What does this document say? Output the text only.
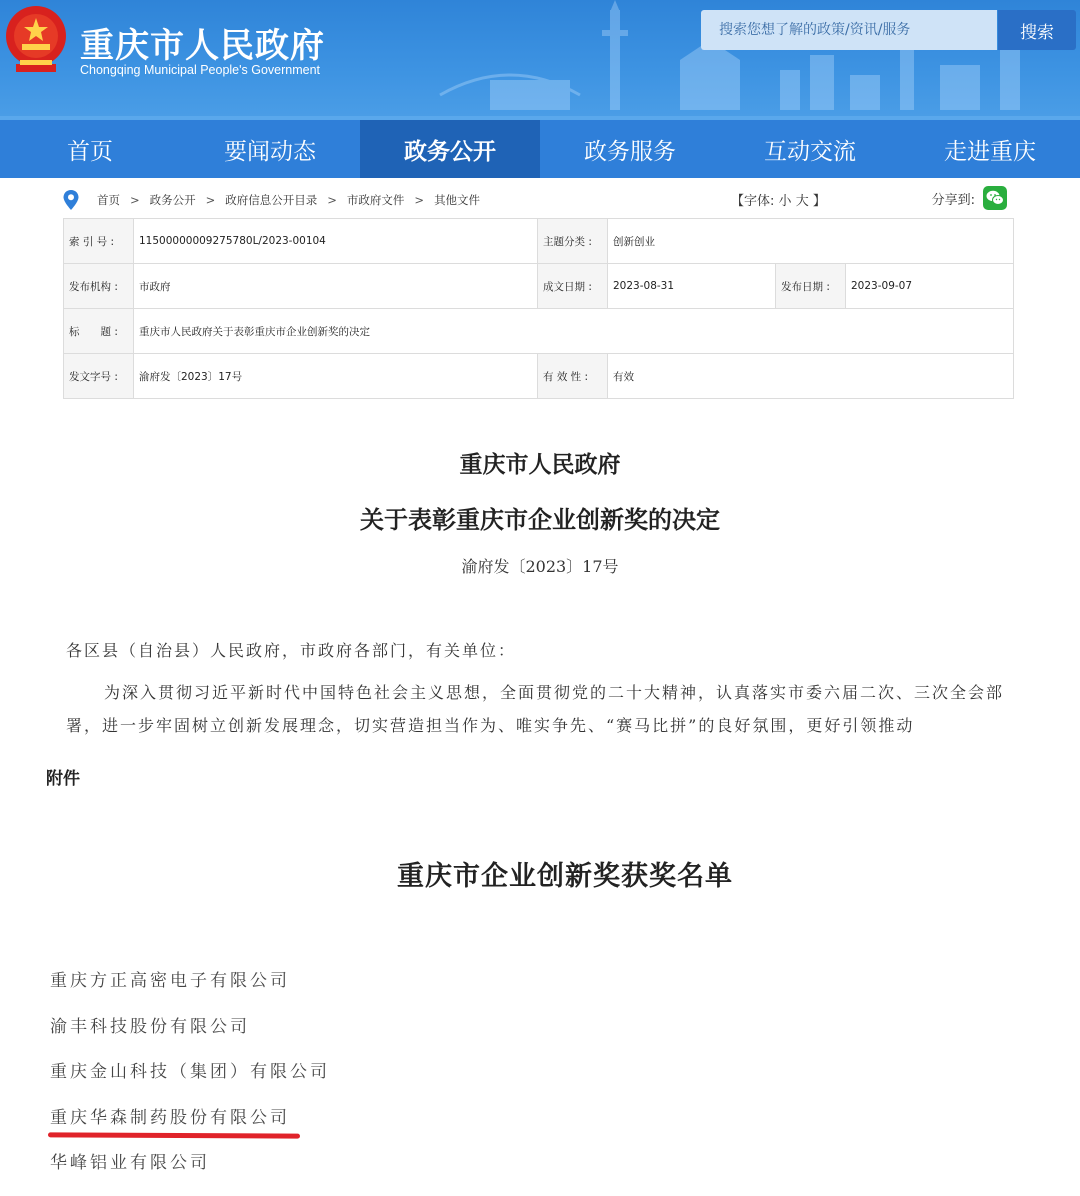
重庆市人民政府
Chongqing Municipal People's Government
搜索您想了解的政策/资讯/服务
搜索
首页	要闻动态	政务公开	政务服务	互动交流	走进重庆
首页 > 政务公开 > 政府信息公开目录 > 市政府文件 > 其他文件	【字体: 小 大 】	分享到:
索 引 号 :	11500000009275780L/2023-00104	主题分类 :	创新创业		
发布机构 :	市政府	成文日期 :	2023-08-31	发布日期 :	2023-09-07
标　　题 :	重庆市人民政府关于表彰重庆市企业创新奖的决定				
发文字号 :	渝府发〔2023〕17号	有 效 性 :	有效		
重庆市人民政府
关于表彰重庆市企业创新奖的决定
渝府发〔2023〕17号
各区县（自治县）人民政府，市政府各部门，有关单位：
为深入贯彻习近平新时代中国特色社会主义思想，全面贯彻党的二十大精神，认真落实市委六届二次、三次全会部署，进一步牢固树立创新发展理念，切实营造担当作为、唯实争先、“赛马比拼”的良好氛围，更好引领推动
附件
重庆市企业创新奖获奖名单
重庆方正高密电子有限公司
渝丰科技股份有限公司
重庆金山科技（集团）有限公司
重庆华森制药股份有限公司
华峰铝业有限公司
